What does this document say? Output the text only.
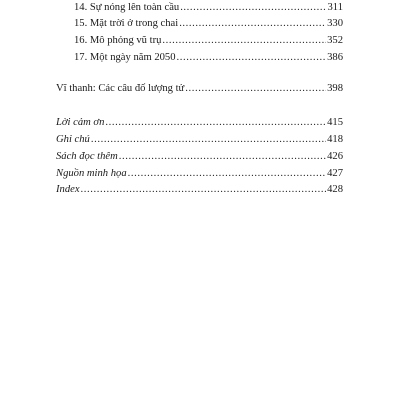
14. Sự nóng lên toàn cầu .....	311
15. Mặt trời ở trong chai .....	330
16. Mô phỏng vũ trụ .....	352
17. Một ngày năm 2050 .....	386
Vĩ thanh: Các câu đố lượng tử .....	398
Lời cảm ơn .....	415
Ghi chú .....	418
Sách đọc thêm .....	426
Nguồn minh họa .....	427
Index .....	428
